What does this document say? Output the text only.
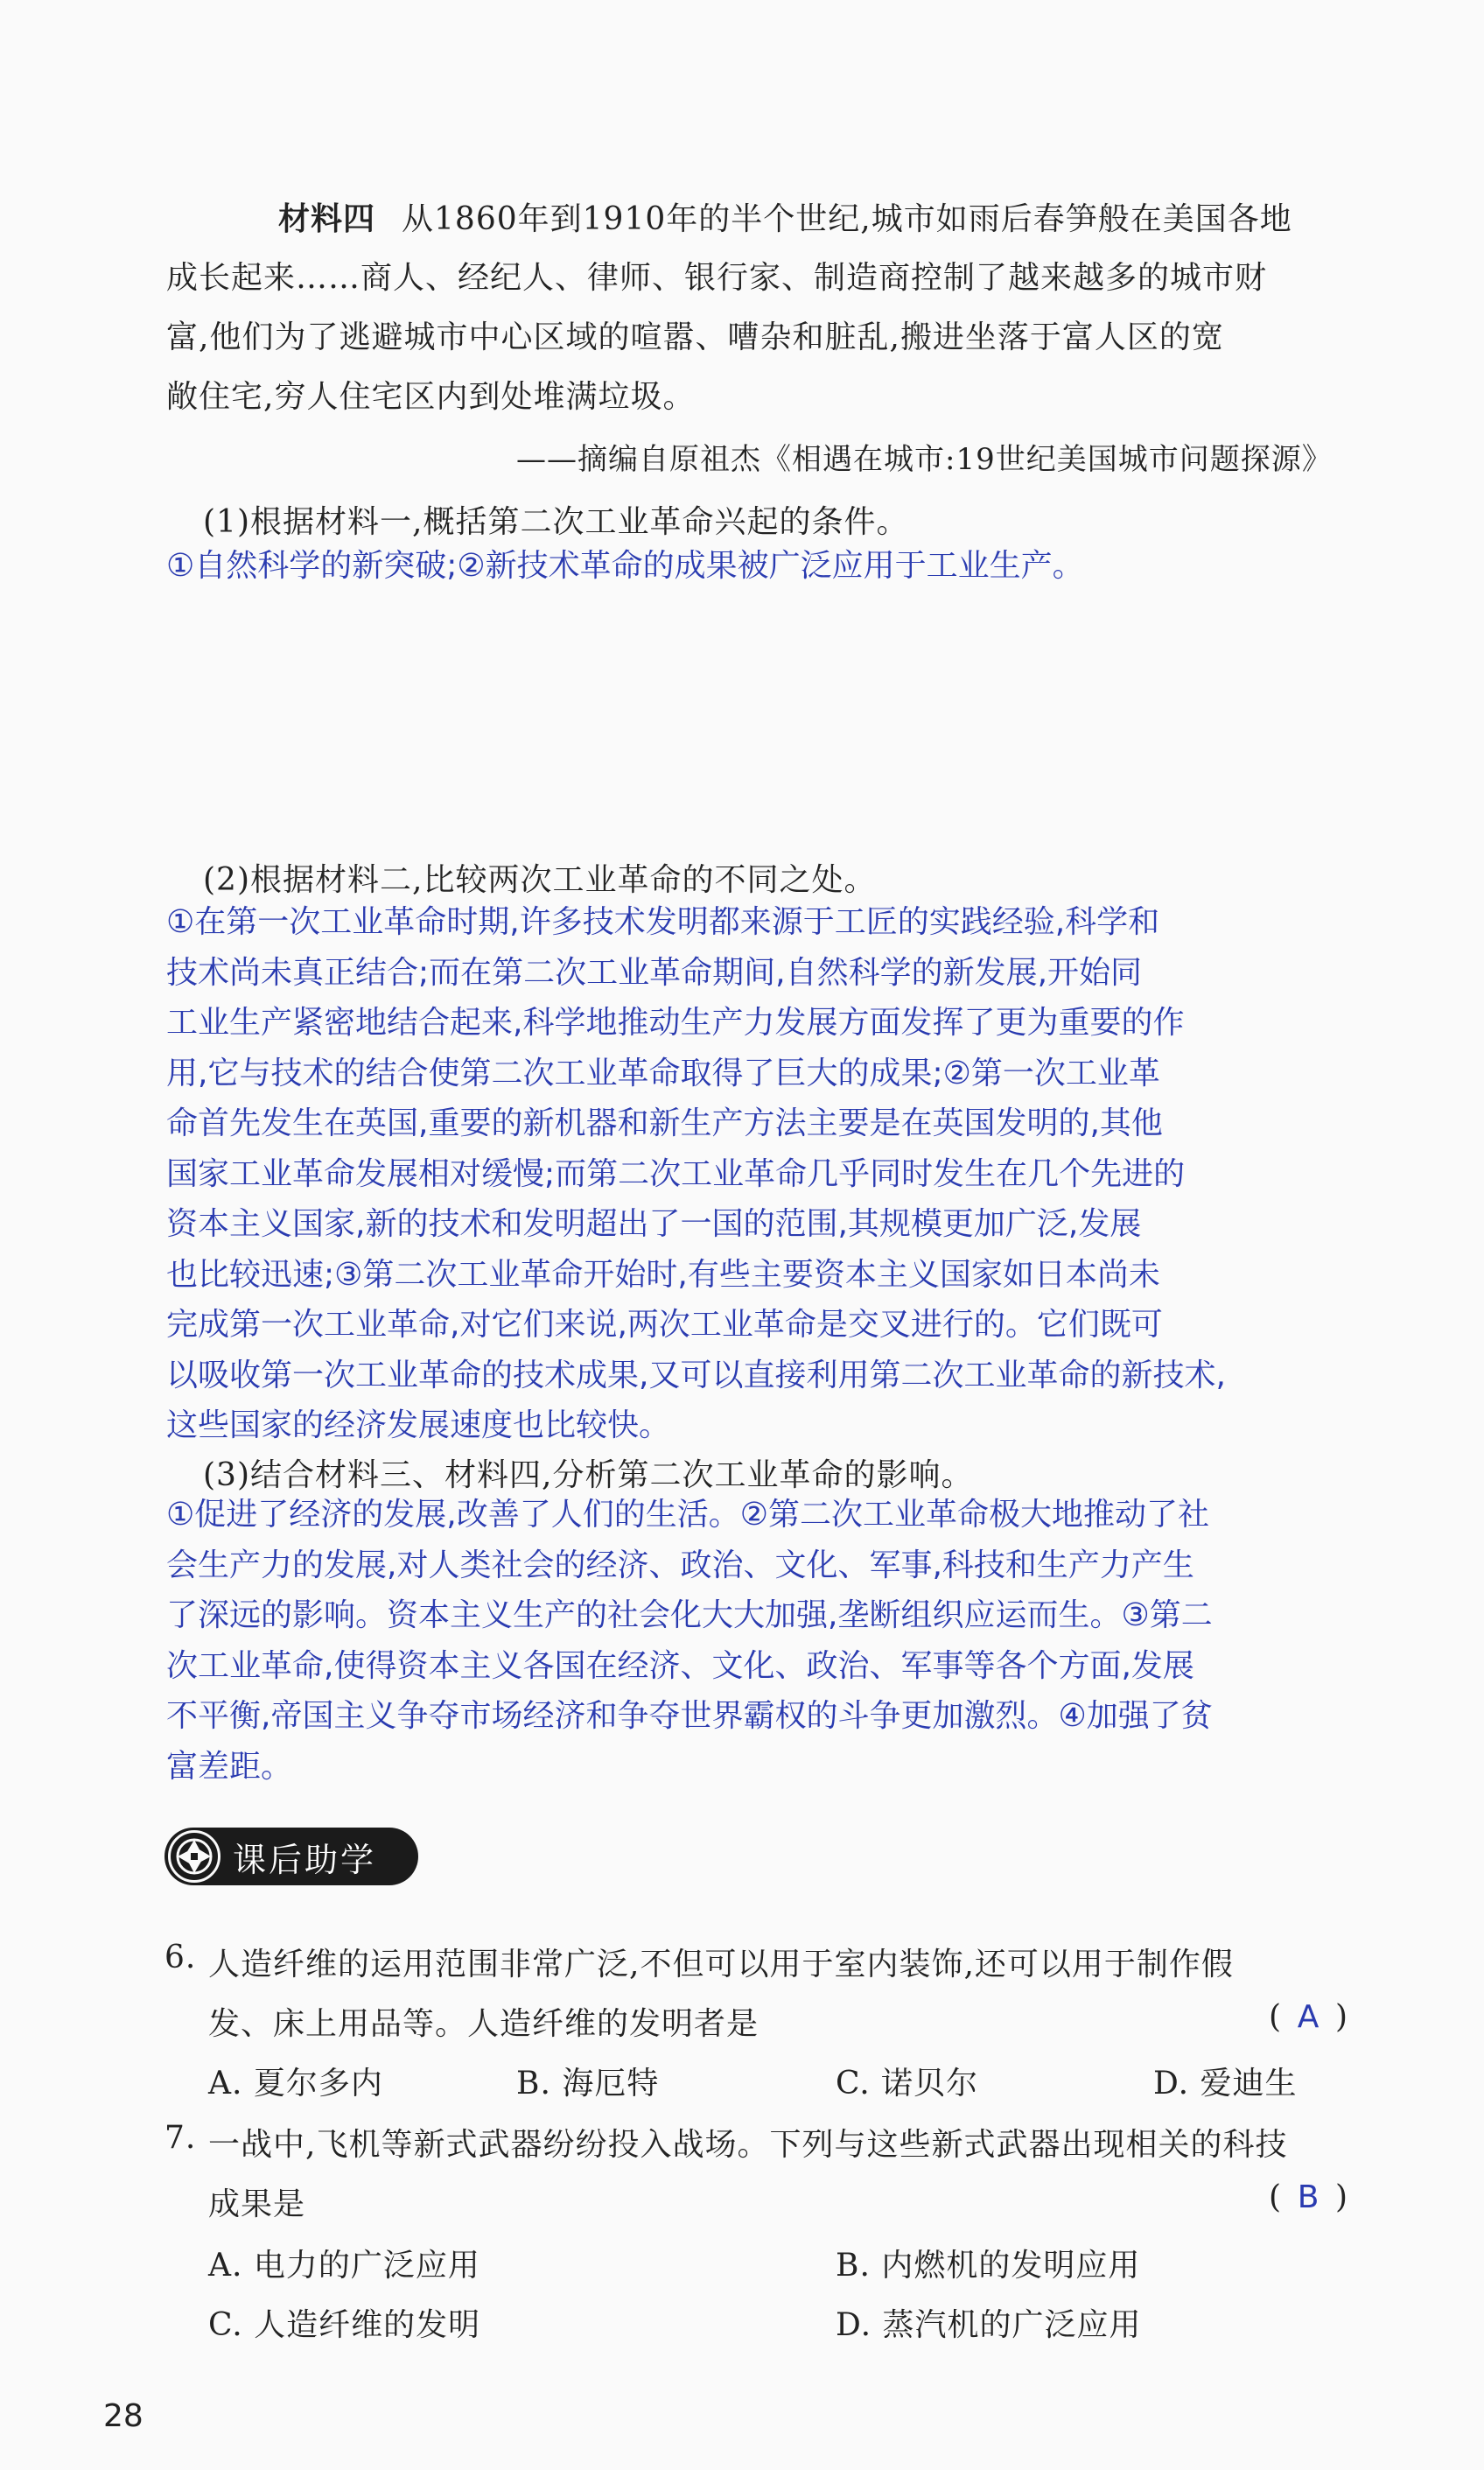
材料四 从1860年到1910年的半个世纪,城市如雨后春笋般在美国各地
成长起来……商人、经纪人、律师、银行家、制造商控制了越来越多的城市财
富,他们为了逃避城市中心区域的喧嚣、嘈杂和脏乱,搬进坐落于富人区的宽
敞住宅,穷人住宅区内到处堆满垃圾。
——摘编自原祖杰《相遇在城市:19世纪美国城市问题探源》
(1)根据材料一,概括第二次工业革命兴起的条件。
①自然科学的新突破;②新技术革命的成果被广泛应用于工业生产。
(2)根据材料二,比较两次工业革命的不同之处。
①在第一次工业革命时期,许多技术发明都来源于工匠的实践经验,科学和
技术尚未真正结合;而在第二次工业革命期间,自然科学的新发展,开始同
工业生产紧密地结合起来,科学地推动生产力发展方面发挥了更为重要的作
用,它与技术的结合使第二次工业革命取得了巨大的成果;②第一次工业革
命首先发生在英国,重要的新机器和新生产方法主要是在英国发明的,其他
国家工业革命发展相对缓慢;而第二次工业革命几乎同时发生在几个先进的
资本主义国家,新的技术和发明超出了一国的范围,其规模更加广泛,发展
也比较迅速;③第二次工业革命开始时,有些主要资本主义国家如日本尚未
完成第一次工业革命,对它们来说,两次工业革命是交叉进行的。它们既可
以吸收第一次工业革命的技术成果,又可以直接利用第二次工业革命的新技术,
这些国家的经济发展速度也比较快。
(3)结合材料三、材料四,分析第二次工业革命的影响。
①促进了经济的发展,改善了人们的生活。②第二次工业革命极大地推动了社
会生产力的发展,对人类社会的经济、政治、文化、军事,科技和生产力产生
了深远的影响。资本主义生产的社会化大大加强,垄断组织应运而生。③第二
次工业革命,使得资本主义各国在经济、文化、政治、军事等各个方面,发展
不平衡,帝国主义争夺市场经济和争夺世界霸权的斗争更加激烈。④加强了贫
富差距。
课后助学
6. 人造纤维的运用范围非常广泛,不但可以用于室内装饰,还可以用于制作假
发、床上用品等。人造纤维的发明者是	( A )
A. 夏尔多内	B. 海厄特	C. 诺贝尔	D. 爱迪生
7. 一战中,飞机等新式武器纷纷投入战场。下列与这些新式武器出现相关的科技
成果是	( B )
A. 电力的广泛应用	B. 内燃机的发明应用
C. 人造纤维的发明	D. 蒸汽机的广泛应用
28
